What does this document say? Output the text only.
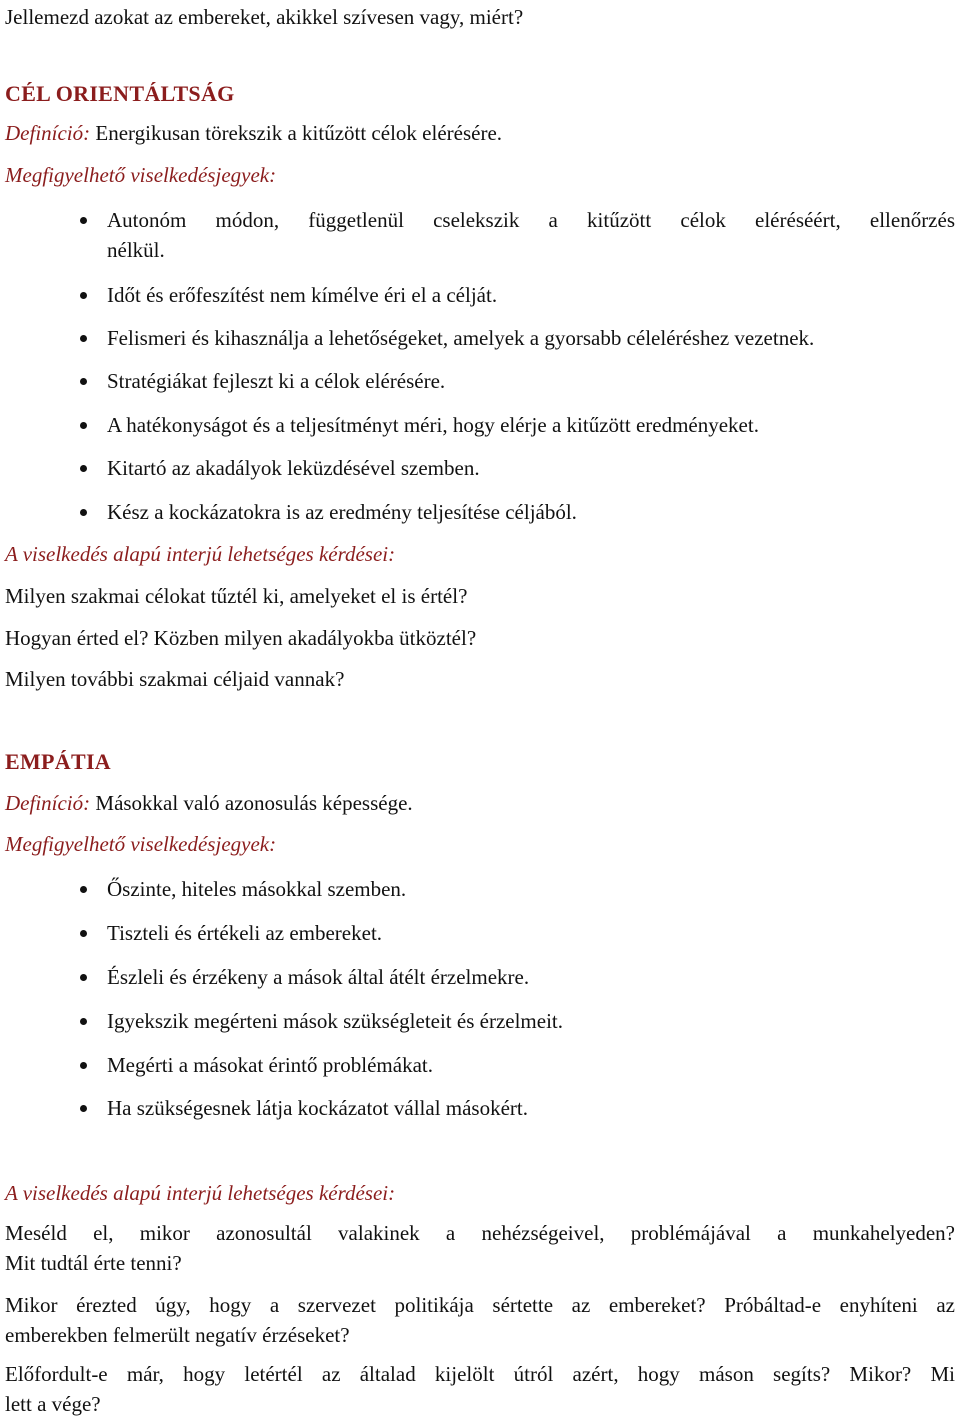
Jellemezd azokat az embereket, akikkel szívesen vagy, miért?

CÉL ORIENTÁLTSÁG

Definíció: Energikusan törekszik a kitűzött célok elérésére.

Megfigyelhető viselkedésjegyek:

Autonóm módon, függetlenül cselekszik a kitűzött célok eléréséért, ellenőrzés
nélkül.
Időt és erőfeszítést nem kímélve éri el a célját.
Felismeri és kihasználja a lehetőségeket, amelyek a gyorsabb céleléréshez vezetnek.
Stratégiákat fejleszt ki a célok elérésére.
A hatékonyságot és a teljesítményt méri, hogy elérje a kitűzött eredményeket.
Kitartó az akadályok leküzdésével szemben.
Kész a kockázatokra is az eredmény teljesítése céljából.

A viselkedés alapú interjú lehetséges kérdései:

Milyen szakmai célokat tűztél ki, amelyeket el is értél?

Hogyan érted el? Közben milyen akadályokba ütköztél?

Milyen további szakmai céljaid vannak?

EMPÁTIA

Definíció: Másokkal való azonosulás képessége.

Megfigyelhető viselkedésjegyek:

Őszinte, hiteles másokkal szemben.
Tiszteli és értékeli az embereket.
Észleli és érzékeny a mások által átélt érzelmekre.
Igyekszik megérteni mások szükségleteit és érzelmeit.
Megérti a másokat érintő problémákat.
Ha szükségesnek látja kockázatot vállal másokért.

A viselkedés alapú interjú lehetséges kérdései:

Meséld el, mikor azonosultál valakinek a nehézségeivel, problémájával a munkahelyeden?
Mit tudtál érte tenni?
Mikor érezted úgy, hogy a szervezet politikája sértette az embereket? Próbáltad-e enyhíteni az
emberekben felmerült negatív érzéseket?
Előfordult-e már, hogy letértél az általad kijelölt útról azért, hogy máson segíts? Mikor? Mi
lett a vége?
